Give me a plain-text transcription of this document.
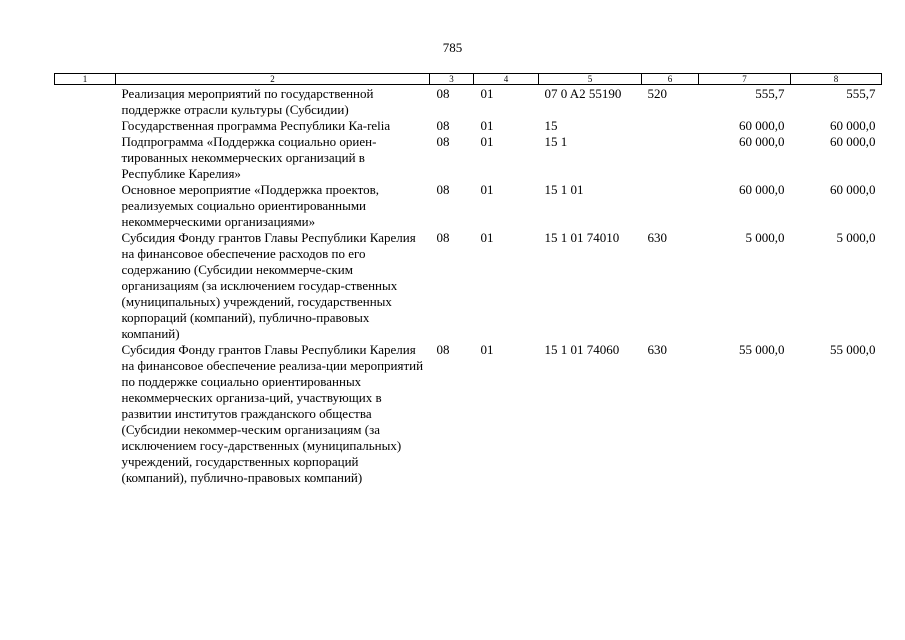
785
1	2	3	4	5	6	7	8
	Реализация мероприятий по государственной поддержке отрасли культуры (Субсидии)	08	01	07 0 A2 55190	520	555,7	555,7
	Государственная программа Республики Ка-relia	08	01	15		60 000,0	60 000,0
	Подпрограмма «Поддержка социально ориен-тированных некоммерческих организаций в Республике Карелия»	08	01	15 1		60 000,0	60 000,0
	Основное мероприятие «Поддержка проектов, реализуемых социально ориентированными некоммерческими организациями»	08	01	15 1 01		60 000,0	60 000,0
	Субсидия Фонду грантов Главы Республики Карелия на финансовое обеспечение расходов по его содержанию (Субсидии некоммерче-ским организациям (за исключением государ-ственных (муниципальных) учреждений, государственных корпораций (компаний), публично-правовых компаний)	08	01	15 1 01 74010	630	5 000,0	5 000,0
	Субсидия Фонду грантов Главы Республики Карелия на финансовое обеспечение реализа-ции мероприятий по поддержке социально ориентированных некоммерческих организа-ций, участвующих в развитии институтов гражданского общества (Субсидии некоммер-ческим организациям (за исключением госу-дарственных (муниципальных) учреждений, государственных корпораций (компаний), публично-правовых компаний)	08	01	15 1 01 74060	630	55 000,0	55 000,0
